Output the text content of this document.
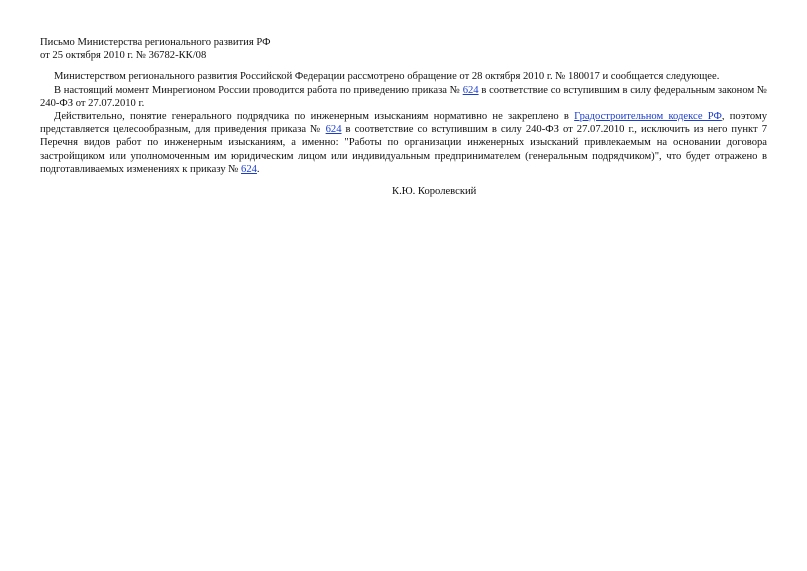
Письмо Министерства регионального развития РФ
от 25 октября 2010 г. № 36782-КК/08

Министерством регионального развития Российской Федерации рассмотрено обращение от 28 октября 2010 г. № 180017 и сообщается следующее.

В настоящий момент Минрегионом России проводится работа по приведению приказа № 624 в соответствие со вступившим в силу федеральным законом № 240-ФЗ от 27.07.2010 г.

Действительно, понятие генерального подрядчика по инженерным изысканиям нормативно не закреплено в Градостроительном кодексе РФ, поэтому представляется целесообразным, для приведения приказа № 624 в соответствие со вступившим в силу 240-ФЗ от 27.07.2010 г., исключить из него пункт 7 Перечня видов работ по инженерным изысканиям, а именно: "Работы по организации инженерных изысканий привлекаемым на основании договора застройщиком или уполномоченным им юридическим лицом или индивидуальным предпринимателем (генеральным подрядчиком)", что будет отражено в подготавливаемых изменениях к приказу № 624.

К.Ю. Королевский
